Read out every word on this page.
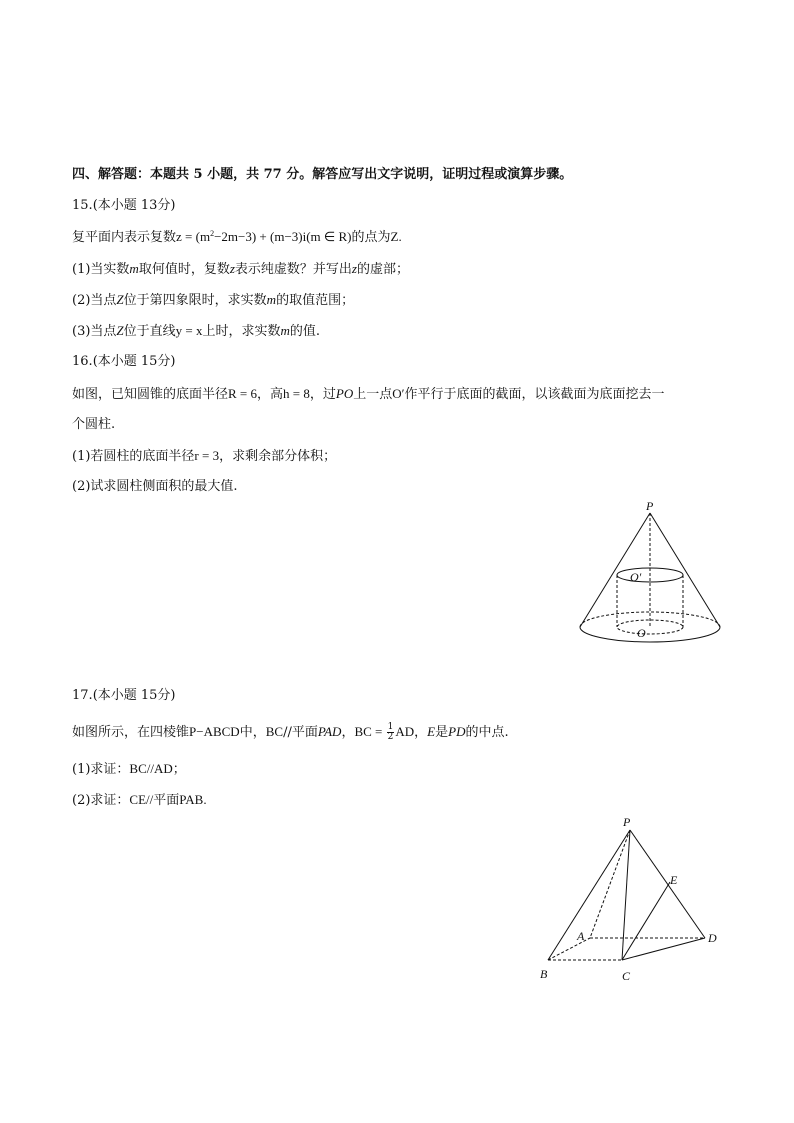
四、解答题：本题共 5 小题，共 77 分。解答应写出文字说明，证明过程或演算步骤。
15.(本小题 13分)
复平面内表示复数$z = (m^2-2m-3) + (m-3)i(m$ ∈ R)的点为Z.
(1)当实数m取何值时，复数z表示纯虚数？并写出z的虚部；
(2)当点Z位于第四象限时，求实数m的取值范围；
(3)当点Z位于直线y = x上时，求实数m的值.
16.(本小题 15分)
如图，已知圆锥的底面半径R = 6，高h = 8，过PO上一点O′作平行于底面的截面，以该截面为底面挖去一
个圆柱.
(1)若圆柱的底面半径r = 3，求剩余部分体积；
(2)试求圆柱侧面积的最大值.
P
O′
O
17.(本小题 15分)
如图所示，在四棱锥P−ABCD中，BC//平面PAD，BC = $\frac{1}{2}$ AD，E是PD的中点.
(1)求证：BC//AD；
(2)求证：CE//平面PAB.
P
E
A	D
B	C
